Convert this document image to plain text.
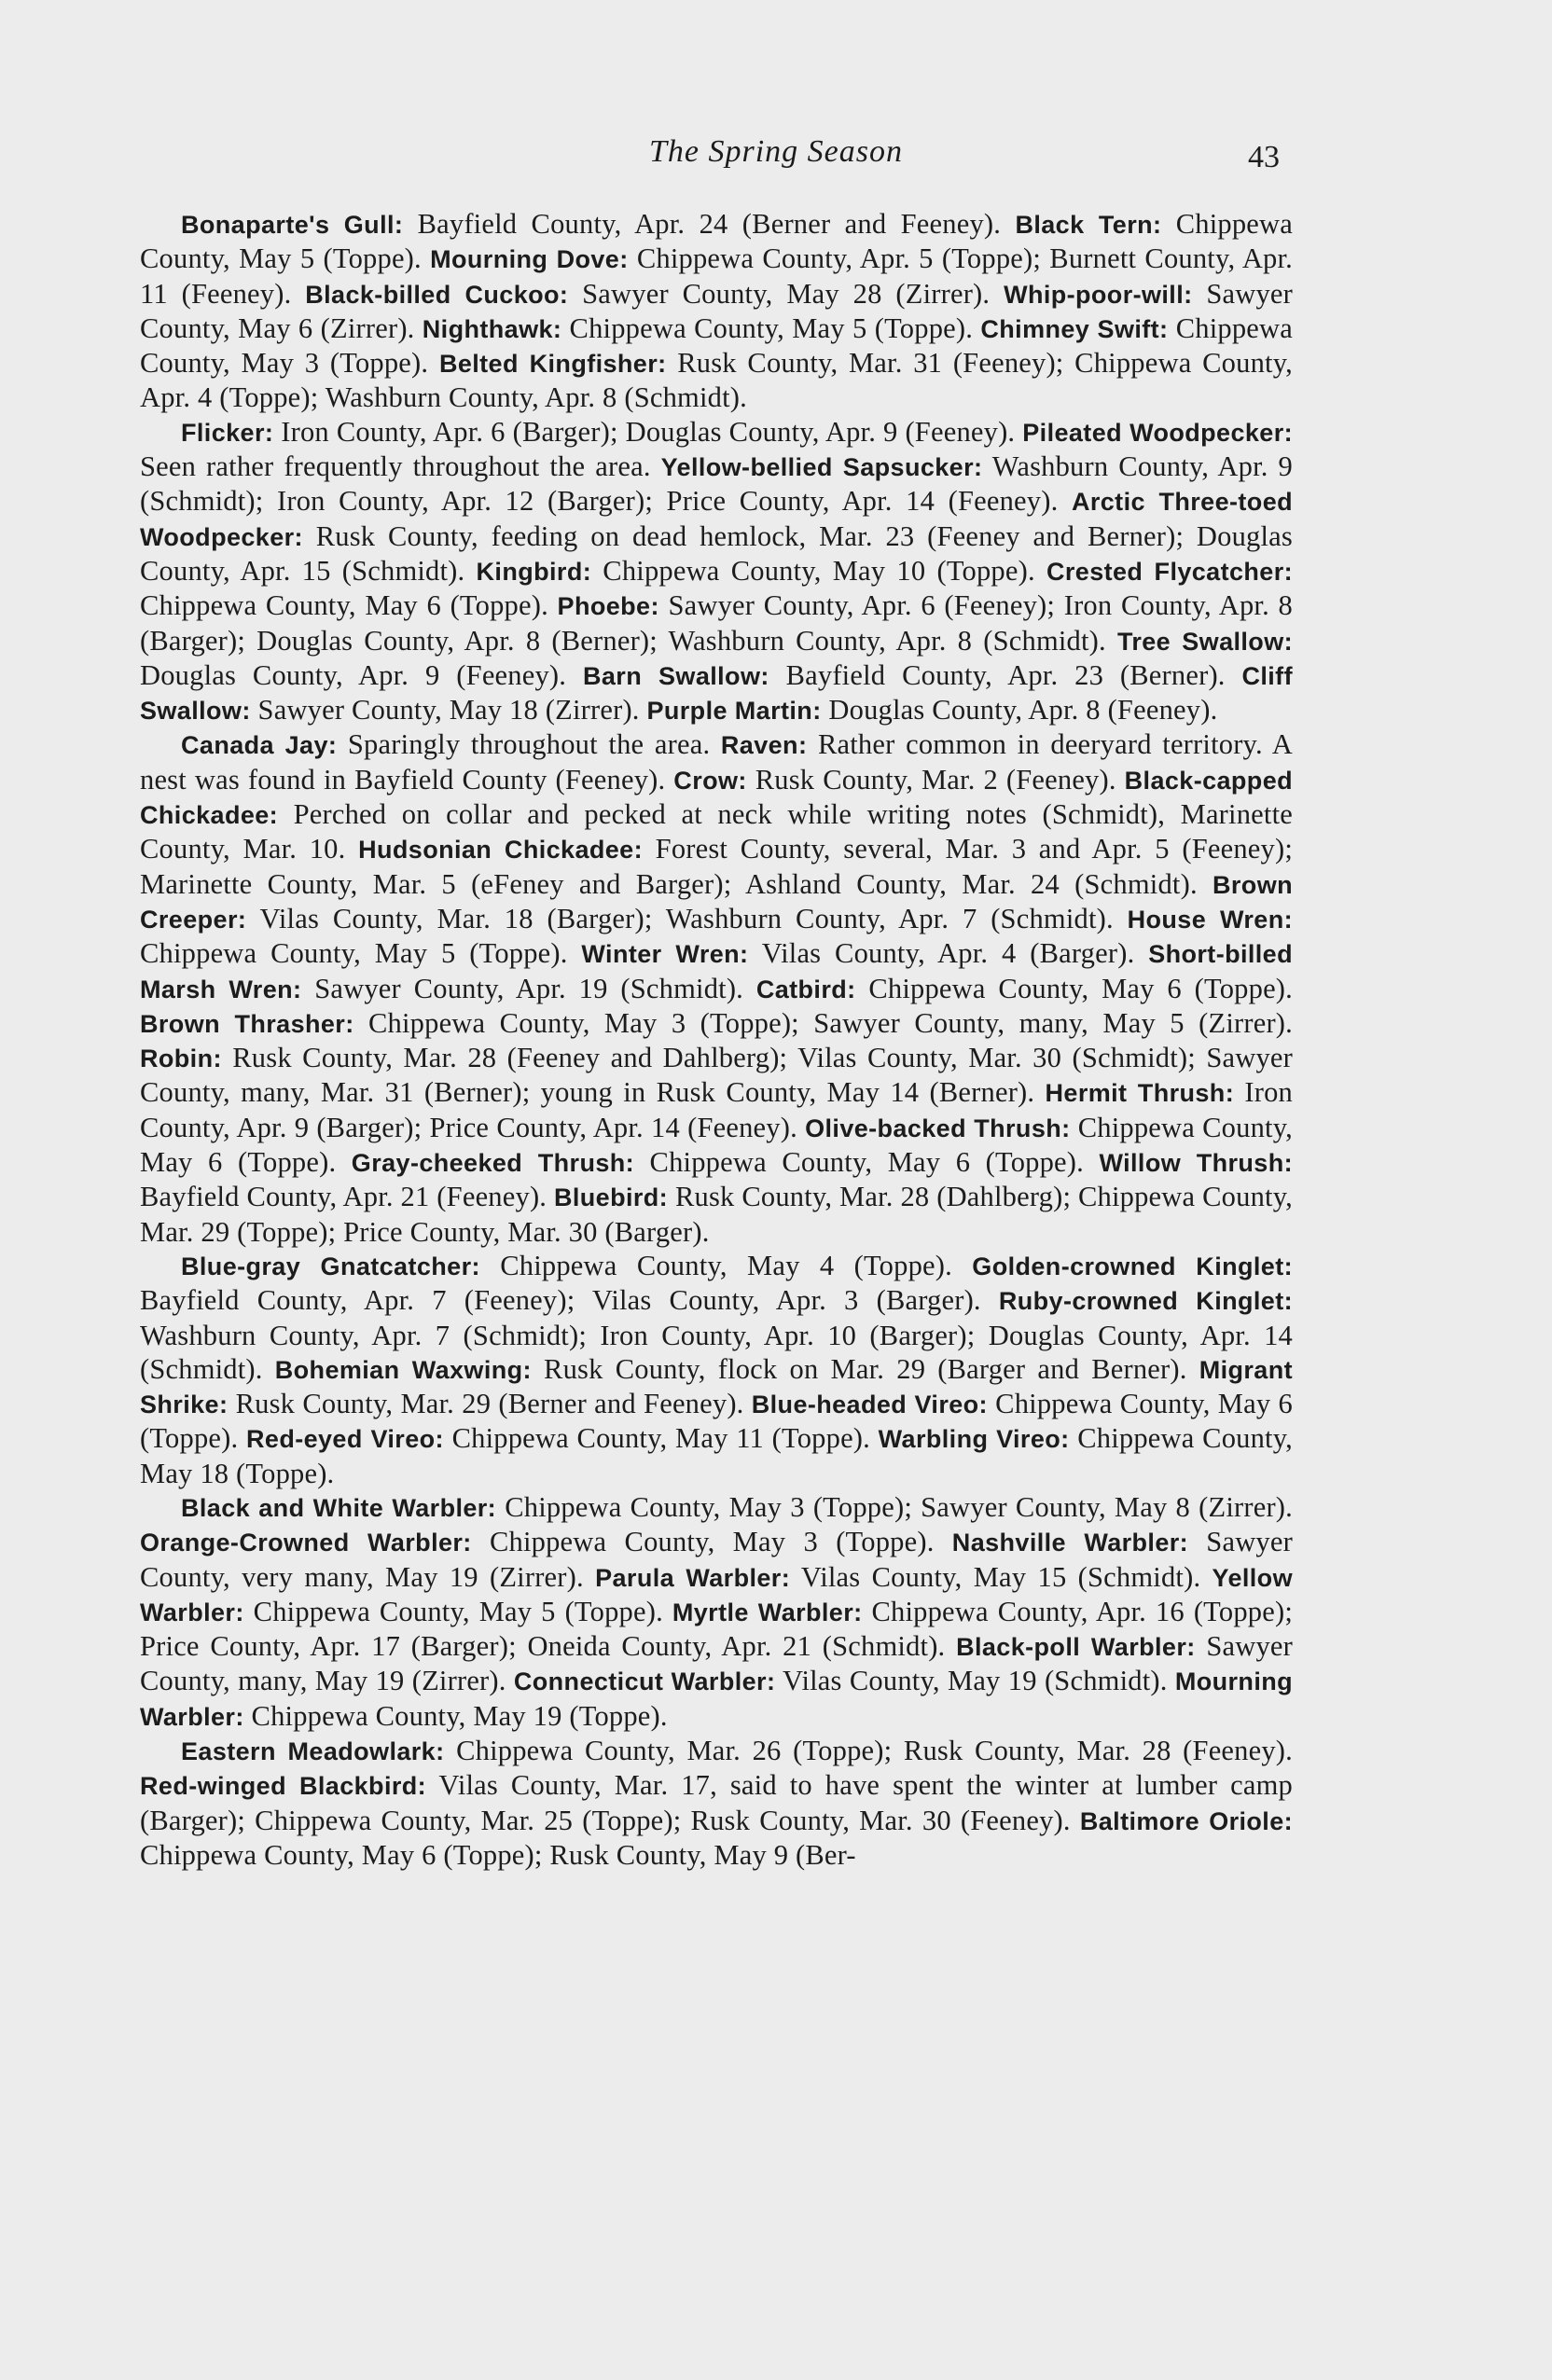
The Spring Season	43

Bonaparte's Gull: Bayfield County, Apr. 24 (Berner and Feeney). Black Tern: Chippewa County, May 5 (Toppe). Mourning Dove: Chippewa County, Apr. 5 (Toppe); Burnett County, Apr. 11 (Feeney). Black-billed Cuckoo: Sawyer County, May 28 (Zirrer). Whip-poor-will: Sawyer County, May 6 (Zirrer). Nighthawk: Chippewa County, May 5 (Toppe). Chimney Swift: Chippewa County, May 3 (Toppe). Belted Kingfisher: Rusk County, Mar. 31 (Feeney); Chippewa County, Apr. 4 (Toppe); Washburn County, Apr. 8 (Schmidt).

Flicker: Iron County, Apr. 6 (Barger); Douglas County, Apr. 9 (Feeney). Pileated Woodpecker: Seen rather frequently throughout the area. Yellow-bellied Sapsucker: Washburn County, Apr. 9 (Schmidt); Iron County, Apr. 12 (Barger); Price County, Apr. 14 (Feeney). Arctic Three-toed Woodpecker: Rusk County, feeding on dead hemlock, Mar. 23 (Feeney and Berner); Douglas County, Apr. 15 (Schmidt). Kingbird: Chippewa County, May 10 (Toppe). Crested Flycatcher: Chippewa County, May 6 (Toppe). Phoebe: Sawyer County, Apr. 6 (Feeney); Iron County, Apr. 8 (Barger); Douglas County, Apr. 8 (Berner); Washburn County, Apr. 8 (Schmidt). Tree Swallow: Douglas County, Apr. 9 (Feeney). Barn Swallow: Bayfield County, Apr. 23 (Berner). Cliff Swallow: Sawyer County, May 18 (Zirrer). Purple Martin: Douglas County, Apr. 8 (Feeney).

Canada Jay: Sparingly throughout the area. Raven: Rather common in deeryard territory. A nest was found in Bayfield County (Feeney). Crow: Rusk County, Mar. 2 (Feeney). Black-capped Chickadee: Perched on collar and pecked at neck while writing notes (Schmidt), Marinette County, Mar. 10. Hudsonian Chickadee: Forest County, several, Mar. 3 and Apr. 5 (Feeney); Marinette County, Mar. 5 (eFeney and Barger); Ashland County, Mar. 24 (Schmidt). Brown Creeper: Vilas County, Mar. 18 (Barger); Washburn County, Apr. 7 (Schmidt). House Wren: Chippewa County, May 5 (Toppe). Winter Wren: Vilas County, Apr. 4 (Barger). Short-billed Marsh Wren: Sawyer County, Apr. 19 (Schmidt). Catbird: Chippewa County, May 6 (Toppe). Brown Thrasher: Chippewa County, May 3 (Toppe); Sawyer County, many, May 5 (Zirrer). Robin: Rusk County, Mar. 28 (Feeney and Dahlberg); Vilas County, Mar. 30 (Schmidt); Sawyer County, many, Mar. 31 (Berner); young in Rusk County, May 14 (Berner). Hermit Thrush: Iron County, Apr. 9 (Barger); Price County, Apr. 14 (Feeney). Olive-backed Thrush: Chippewa County, May 6 (Toppe). Gray-cheeked Thrush: Chippewa County, May 6 (Toppe). Willow Thrush: Bayfield County, Apr. 21 (Feeney). Bluebird: Rusk County, Mar. 28 (Dahlberg); Chippewa County, Mar. 29 (Toppe); Price County, Mar. 30 (Barger).

Blue-gray Gnatcatcher: Chippewa County, May 4 (Toppe). Golden-crowned Kinglet: Bayfield County, Apr. 7 (Feeney); Vilas County, Apr. 3 (Barger). Ruby-crowned Kinglet: Washburn County, Apr. 7 (Schmidt); Iron County, Apr. 10 (Barger); Douglas County, Apr. 14 (Schmidt). Bohemian Waxwing: Rusk County, flock on Mar. 29 (Barger and Berner). Migrant Shrike: Rusk County, Mar. 29 (Berner and Feeney). Blue-headed Vireo: Chippewa County, May 6 (Toppe). Red-eyed Vireo: Chippewa County, May 11 (Toppe). Warbling Vireo: Chippewa County, May 18 (Toppe).

Black and White Warbler: Chippewa County, May 3 (Toppe); Sawyer County, May 8 (Zirrer). Orange-Crowned Warbler: Chippewa County, May 3 (Toppe). Nashville Warbler: Sawyer County, very many, May 19 (Zirrer). Parula Warbler: Vilas County, May 15 (Schmidt). Yellow Warbler: Chippewa County, May 5 (Toppe). Myrtle Warbler: Chippewa County, Apr. 16 (Toppe); Price County, Apr. 17 (Barger); Oneida County, Apr. 21 (Schmidt). Black-poll Warbler: Sawyer County, many, May 19 (Zirrer). Connecticut Warbler: Vilas County, May 19 (Schmidt). Mourning Warbler: Chippewa County, May 19 (Toppe).

Eastern Meadowlark: Chippewa County, Mar. 26 (Toppe); Rusk County, Mar. 28 (Feeney). Red-winged Blackbird: Vilas County, Mar. 17, said to have spent the winter at lumber camp (Barger); Chippewa County, Mar. 25 (Toppe); Rusk County, Mar. 30 (Feeney). Baltimore Oriole: Chippewa County, May 6 (Toppe); Rusk County, May 9 (Ber-
